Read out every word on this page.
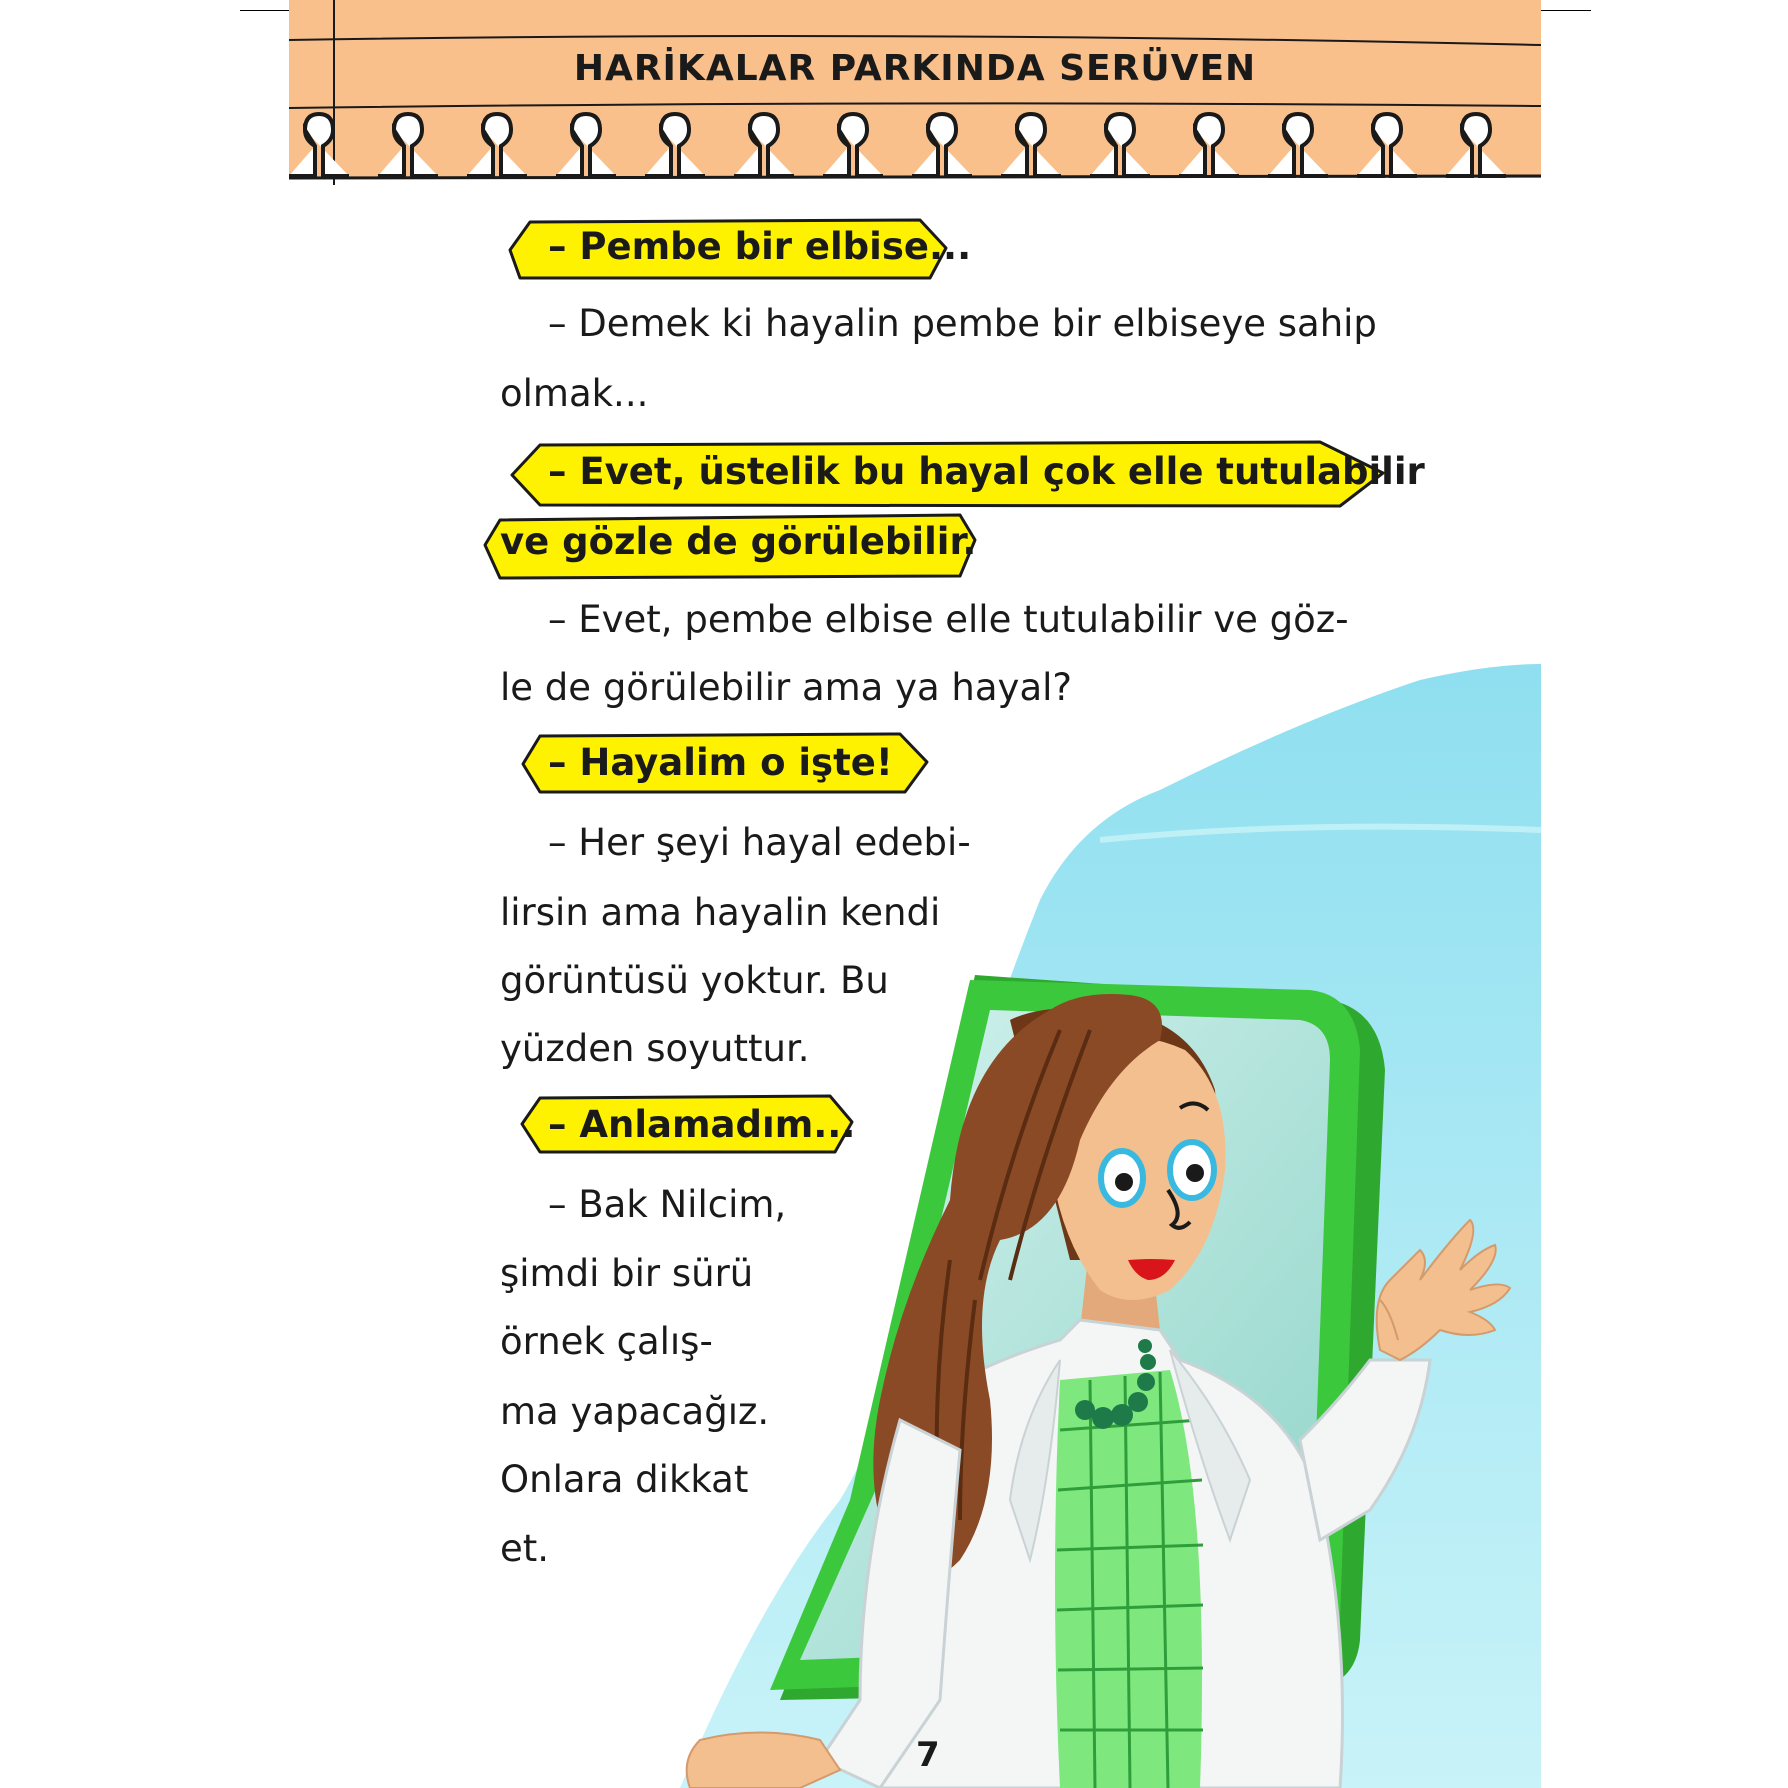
HARİKALAR PARKINDA SERÜVEN
– Pembe bir elbise...
– Demek ki hayalin pembe bir elbiseye sahip
olmak...
– Evet, üstelik bu hayal çok elle tutulabilir
ve gözle de görülebilir.
– Evet, pembe elbise elle tutulabilir ve göz-
le de görülebilir ama ya hayal?
– Hayalim o işte!
– Her şeyi hayal edebi-
lirsin ama hayalin kendi
görüntüsü yoktur. Bu
yüzden soyuttur.
– Anlamadım...
– Bak Nilcim,
şimdi bir sürü
örnek çalış-
ma yapacağız.
Onlara dikkat
et.
7
